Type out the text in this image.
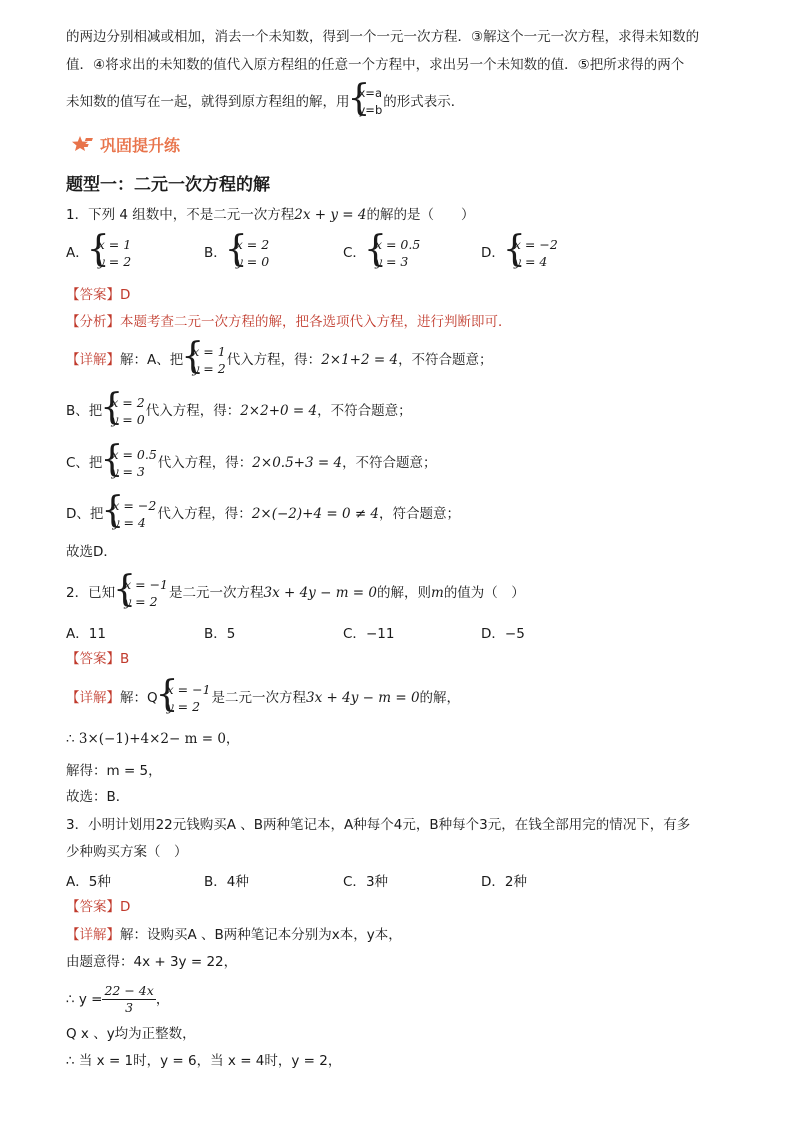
的两边分别相减或相加，消去一个未知数，得到一个一元一次方程．③解这个一元一次方程，求得未知数的
值．④将求出的未知数的值代入原方程组的任意一个方程中，求出另一个未知数的值．⑤把所求得的两个
未知数的值写在一起，就得到原方程组的解，用
{ x=a
y=b 的形式表示．
巩固提升练
题型一：二元一次方程的解
1．下列 4 组数中，不是二元一次方程2x + y = 4的解的是（　　）
A．
{ x = 1
y = 2
B．
{ x = 2
y = 0
C．
{ x = 0.5
y = 3
D．
{ x = −2
y = 4
【答案】D
【分析】本题考查二元一次方程的解，把各选项代入方程，进行判断即可．
【详解】解：A、把
{ x = 1
y = 2
代入方程，得：2×1+2 = 4，不符合题意；
B、把
{ x = 2
y = 0
代入方程，得：2×2+0 = 4，不符合题意；
C、把
{ x = 0.5
y = 3
代入方程，得：2×0.5+3 = 4，不符合题意；
D、把
{ x = −2
y = 4
代入方程，得：2×(−2)+4 = 0 ≠ 4，符合题意；
故选D．
2．已知
{ x = −1
y = 2
是二元一次方程3x + 4y − m = 0的解，则m的值为（　）
A．11	B．5	C．−11	D．−5
【答案】B
【详解】解：Q
{ x = −1
y = 2
是二元一次方程3x + 4y − m = 0的解，
∴ 3×(−1)+4×2− m = 0，
解得：m = 5，
故选：B．
3．小明计划用22元钱购买A 、B两种笔记本，A种每个4元，B种每个3元，在钱全部用完的情况下，有多
少种购买方案（　）
A．5种	B．4种	C．3种	D．2种
【答案】D
【详解】解：设购买A 、B两种笔记本分别为x本，y本，
由题意得：4x + 3y = 22，
∴ $y = \frac{22 - 4x}{3}$ ，
Q x 、y均为正整数，
∴ 当 x = 1时，y = 6，当 x = 4时，y = 2，
